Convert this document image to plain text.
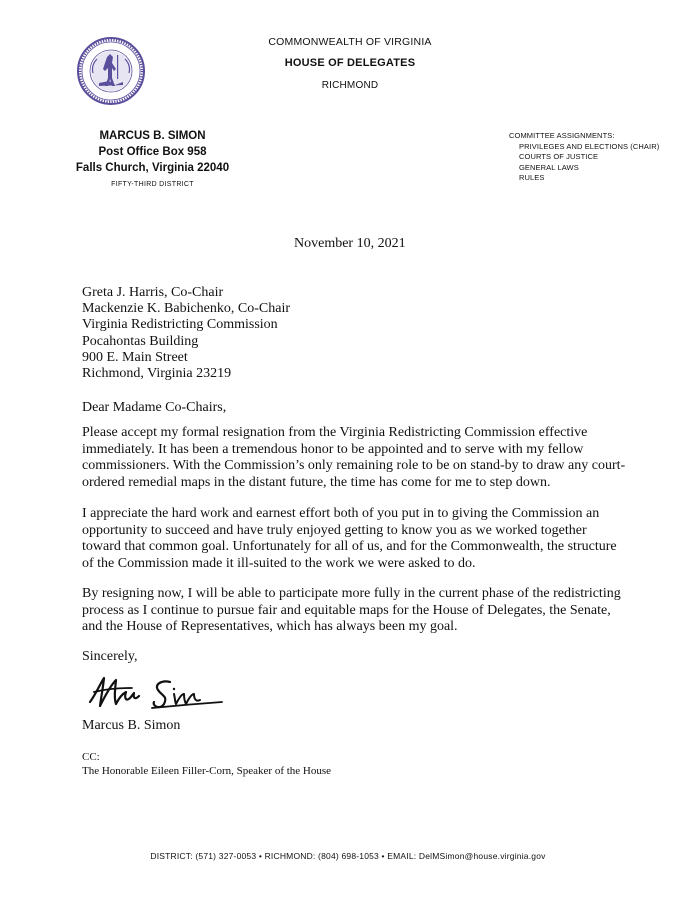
COMMONWEALTH OF VIRGINIA
HOUSE OF DELEGATES
RICHMOND
MARCUS B. SIMON
Post Office Box 958
Falls Church, Virginia 22040
FIFTY-THIRD DISTRICT
COMMITTEE ASSIGNMENTS:
PRIVILEGES AND ELECTIONS (CHAIR)
COURTS OF JUSTICE
GENERAL LAWS
RULES
November 10, 2021
Greta J. Harris, Co-Chair
Mackenzie K. Babichenko, Co-Chair
Virginia Redistricting Commission
Pocahontas Building
900 E. Main Street
Richmond, Virginia 23219
Dear Madame Co-Chairs,
Please accept my formal resignation from the Virginia Redistricting Commission effective
immediately. It has been a tremendous honor to be appointed and to serve with my fellow
commissioners. With the Commission’s only remaining role to be on stand-by to draw any court-
ordered remedial maps in the distant future, the time has come for me to step down.
I appreciate the hard work and earnest effort both of you put in to giving the Commission an
opportunity to succeed and have truly enjoyed getting to know you as we worked together
toward that common goal. Unfortunately for all of us, and for the Commonwealth, the structure
of the Commission made it ill-suited to the work we were asked to do.
By resigning now, I will be able to participate more fully in the current phase of the redistricting
process as I continue to pursue fair and equitable maps for the House of Delegates, the Senate,
and the House of Representatives, which has always been my goal.
Sincerely,
Marcus B. Simon
CC:
The Honorable Eileen Filler-Corn, Speaker of the House
DISTRICT: (571) 327-0053 • RICHMOND: (804) 698-1053 • EMAIL: DelMSimon@house.virginia.gov
